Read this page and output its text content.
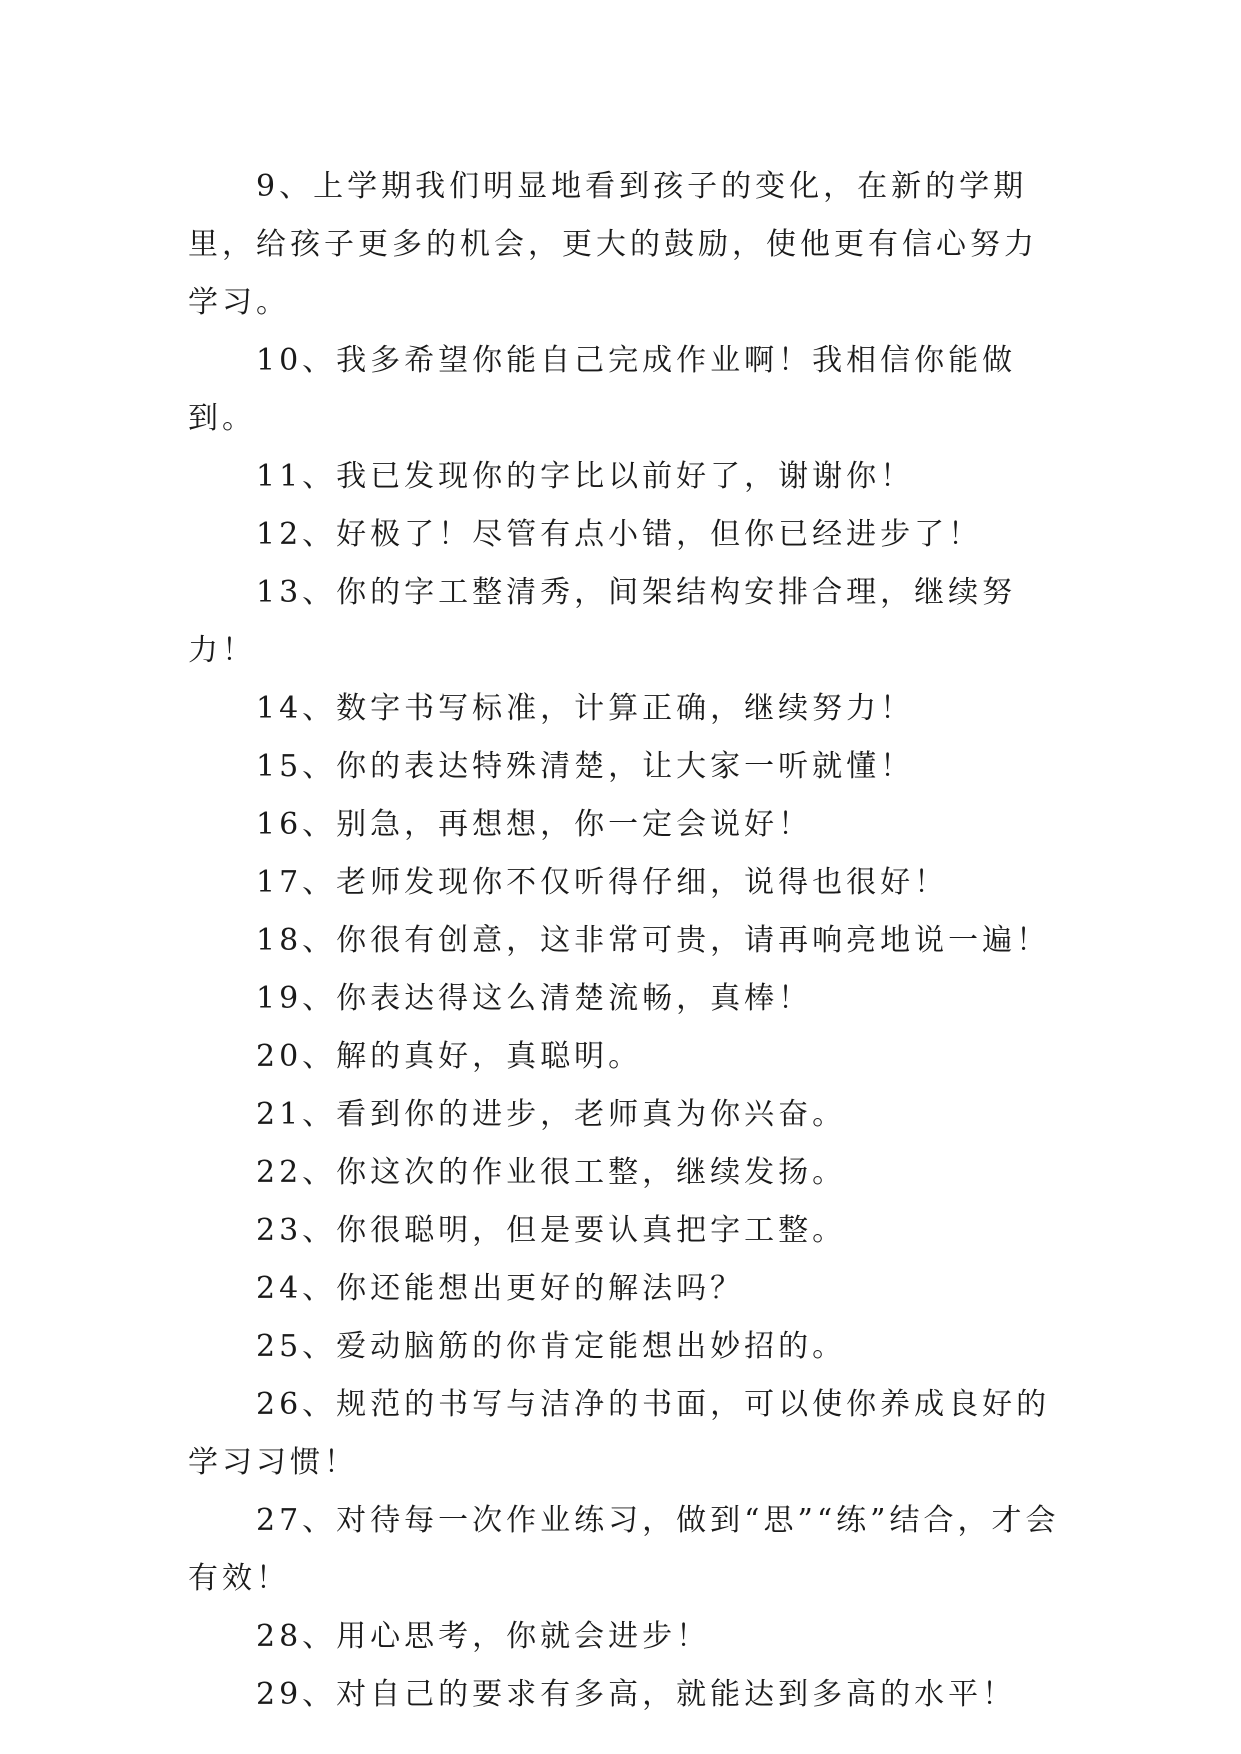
9、上学期我们明显地看到孩子的变化，在新的学期里，给孩子更多的机会，更大的鼓励，使他更有信心努力学习。

10、我多希望你能自己完成作业啊！我相信你能做到。

11、我已发现你的字比以前好了，谢谢你！

12、好极了！尽管有点小错，但你已经进步了！

13、你的字工整清秀，间架结构安排合理，继续努力！

14、数字书写标准，计算正确，继续努力！

15、你的表达特殊清楚，让大家一听就懂！

16、别急，再想想，你一定会说好！

17、老师发现你不仅听得仔细，说得也很好！

18、你很有创意，这非常可贵，请再响亮地说一遍！

19、你表达得这么清楚流畅，真棒！

20、解的真好，真聪明。

21、看到你的进步，老师真为你兴奋。

22、你这次的作业很工整，继续发扬。

23、你很聪明，但是要认真把字工整。

24、你还能想出更好的解法吗？

25、爱动脑筋的你肯定能想出妙招的。

26、规范的书写与洁净的书面，可以使你养成良好的学习习惯！

27、对待每一次作业练习，做到“思”“练”结合，才会有效！

28、用心思考，你就会进步！

29、对自己的要求有多高，就能达到多高的水平！
